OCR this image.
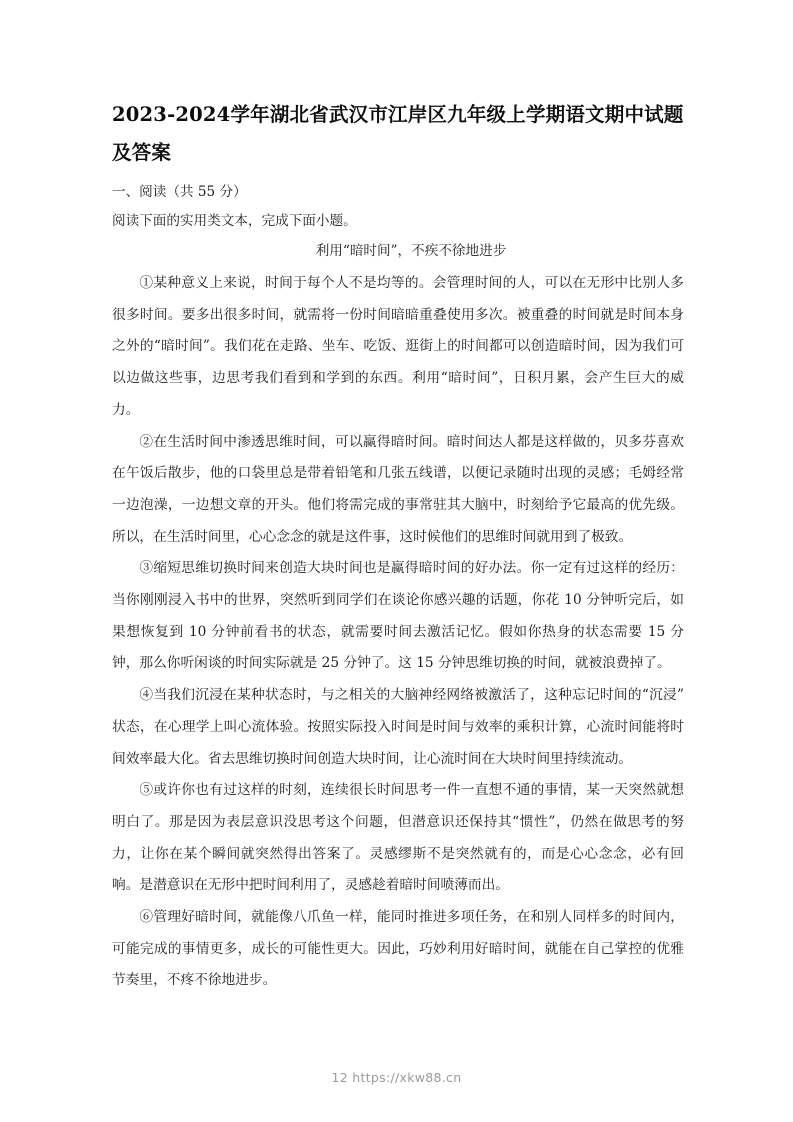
2023-2024学年湖北省武汉市江岸区九年级上学期语文期中试题及答案

一、阅读（共 55 分）

阅读下面的实用类文本，完成下面小题。

利用“暗时间”，不疾不徐地进步

①某种意义上来说，时间于每个人不是均等的。会管理时间的人，可以在无形中比别人多很多时间。要多出很多时间，就需将一份时间暗暗重叠使用多次。被重叠的时间就是时间本身之外的“暗时间”。我们花在走路、坐车、吃饭、逛街上的时间都可以创造暗时间，因为我们可以边做这些事，边思考我们看到和学到的东西。利用“暗时间”，日积月累，会产生巨大的威力。

②在生活时间中渗透思维时间，可以赢得暗时间。暗时间达人都是这样做的，贝多芬喜欢在午饭后散步，他的口袋里总是带着铅笔和几张五线谱，以便记录随时出现的灵感；毛姆经常一边泡澡，一边想文章的开头。他们将需完成的事常驻其大脑中，时刻给予它最高的优先级。所以，在生活时间里，心心念念的就是这件事，这时候他们的思维时间就用到了极致。

③缩短思维切换时间来创造大块时间也是赢得暗时间的好办法。你一定有过这样的经历：当你刚刚浸入书中的世界，突然听到同学们在谈论你感兴趣的话题，你花 10 分钟听完后，如果想恢复到 10 分钟前看书的状态，就需要时间去激活记忆。假如你热身的状态需要 15 分钟，那么你听闲谈的时间实际就是 25 分钟了。这 15 分钟思维切换的时间，就被浪费掉了。

④当我们沉浸在某种状态时，与之相关的大脑神经网络被激活了，这种忘记时间的“沉浸”状态，在心理学上叫心流体验。按照实际投入时间是时间与效率的乘积计算，心流时间能将时间效率最大化。省去思维切换时间创造大块时间，让心流时间在大块时间里持续流动。

⑤或许你也有过这样的时刻，连续很长时间思考一件一直想不通的事情，某一天突然就想明白了。那是因为表层意识没思考这个问题，但潜意识还保持其“惯性”，仍然在做思考的努力，让你在某个瞬间就突然得出答案了。灵感缪斯不是突然就有的，而是心心念念，必有回响。是潜意识在无形中把时间利用了，灵感趁着暗时间喷薄而出。

⑥管理好暗时间，就能像八爪鱼一样，能同时推进多项任务，在和别人同样多的时间内，可能完成的事情更多，成长的可能性更大。因此，巧妙利用好暗时间，就能在自己掌控的优雅节奏里，不疼不徐地进步。

12 https://xkw88.cn
